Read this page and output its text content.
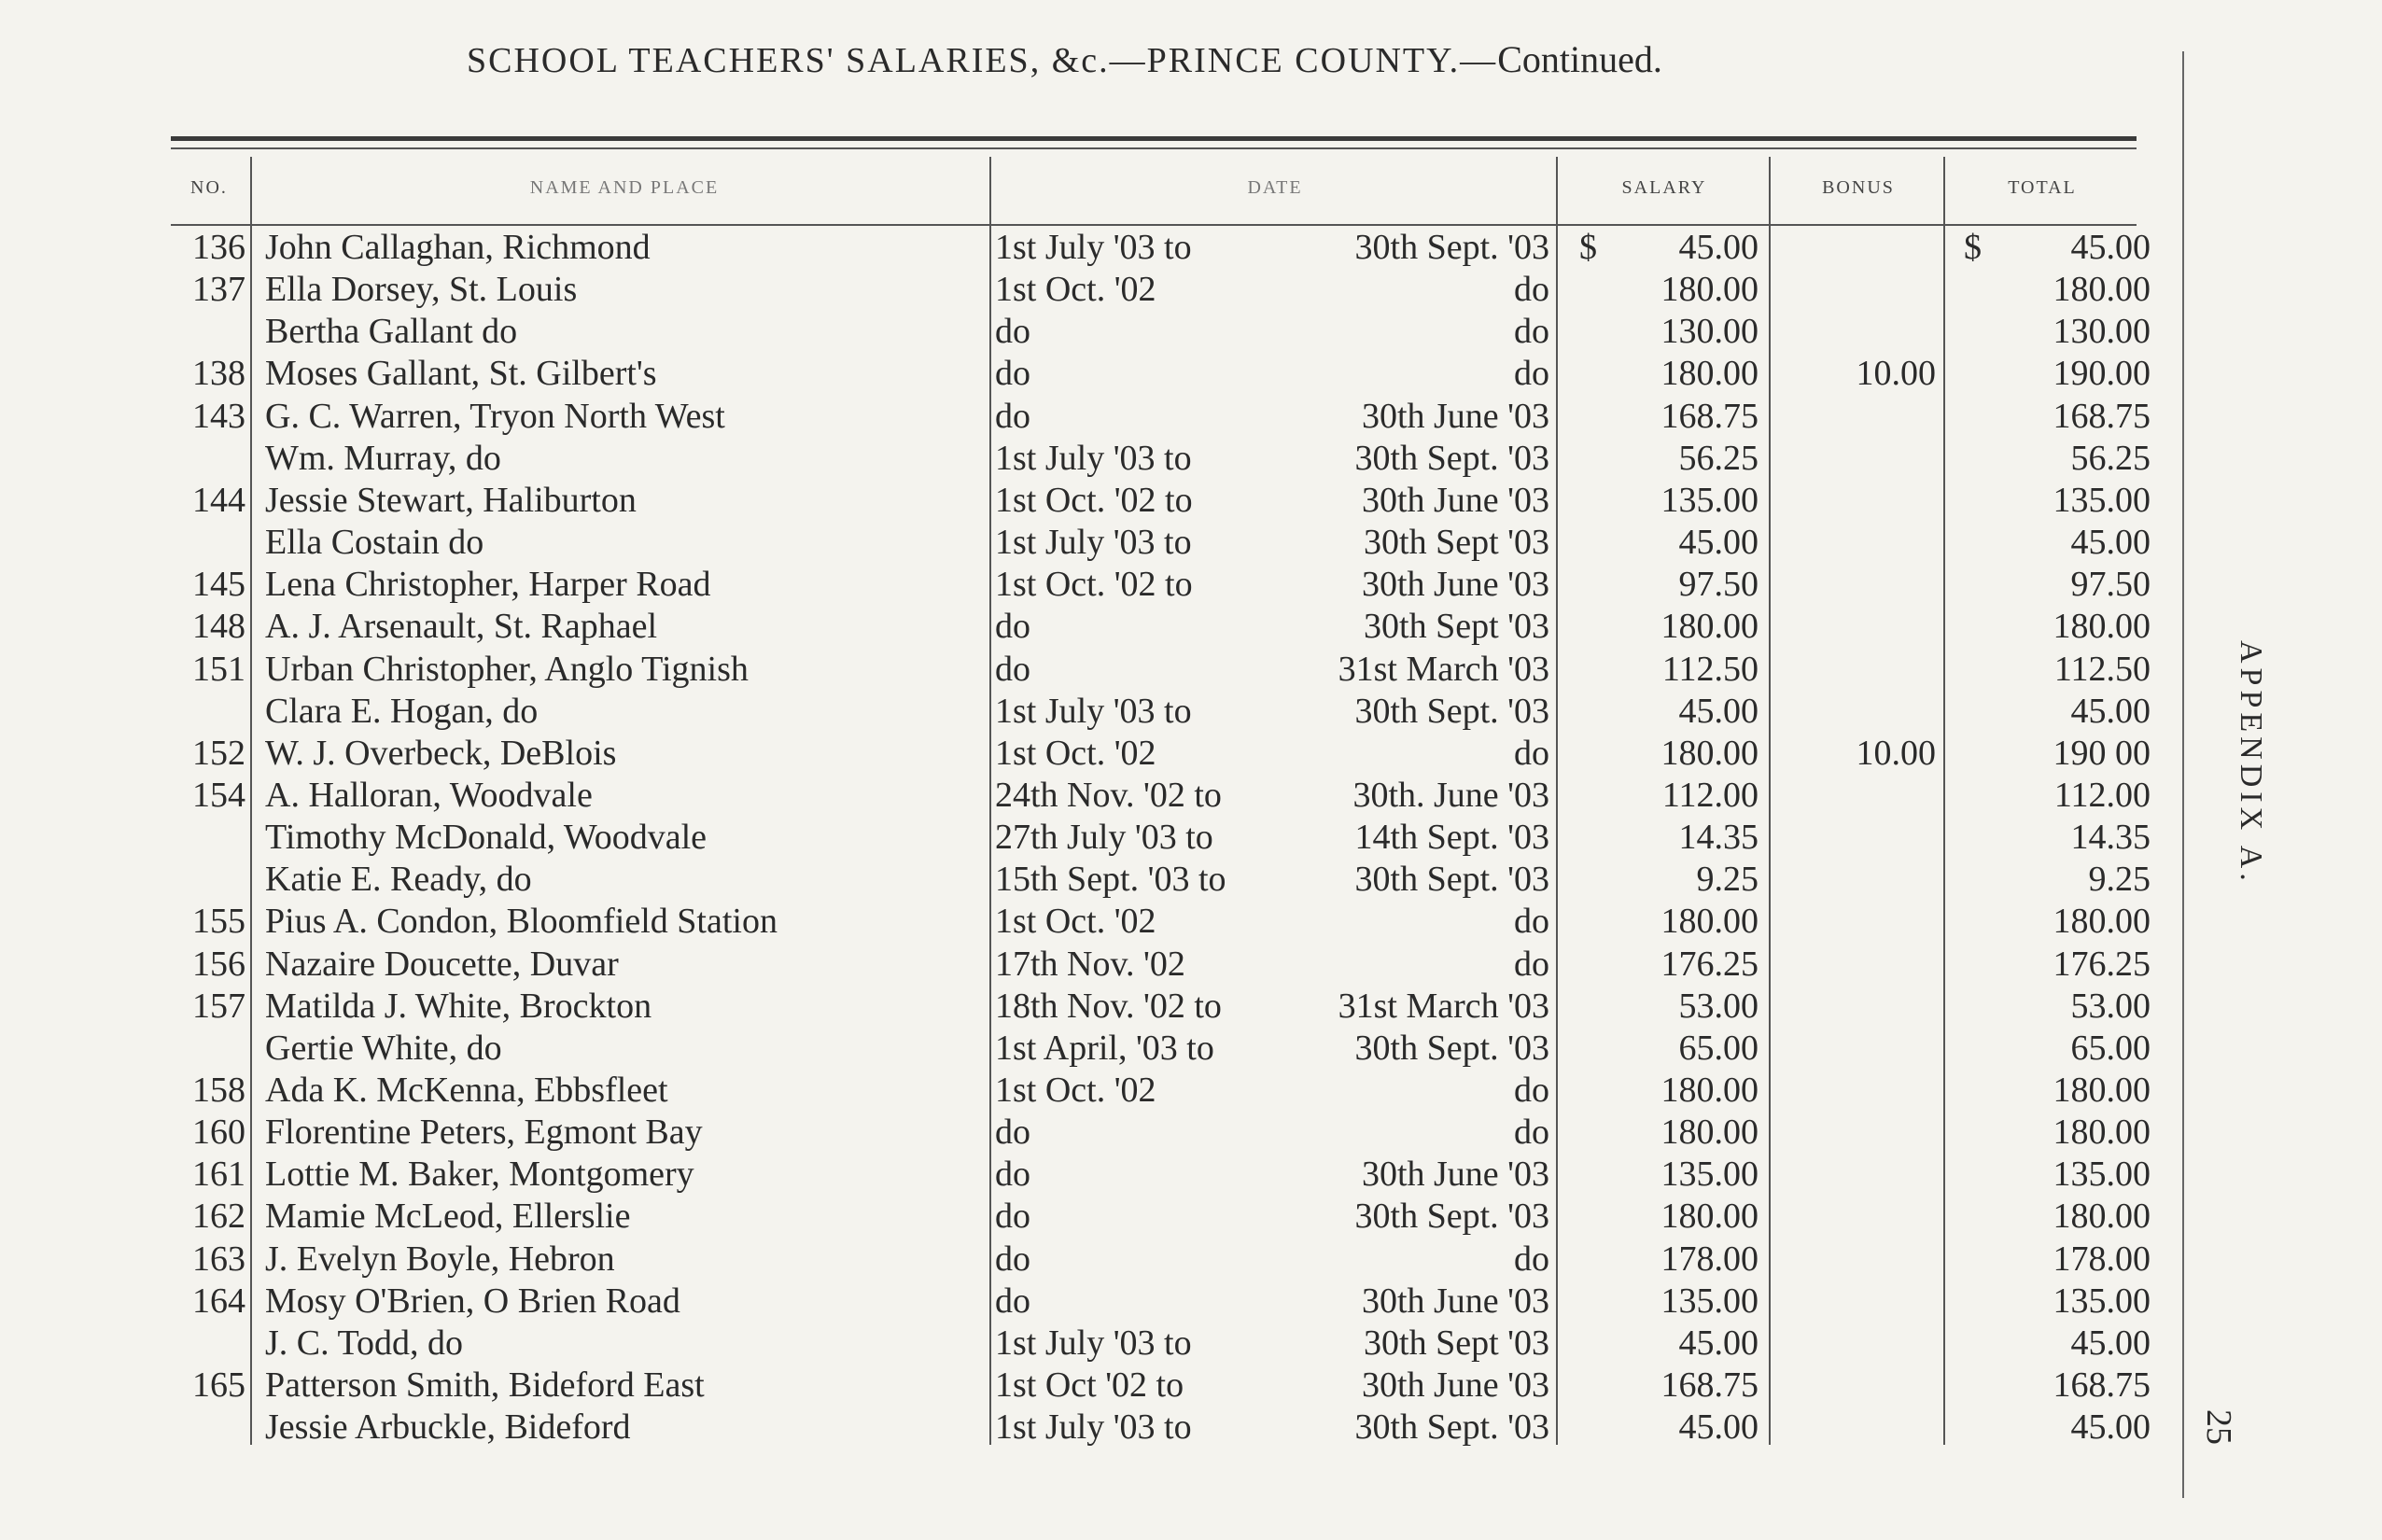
SCHOOL TEACHERS' SALARIES, &c.—PRINCE COUNTY.—Continued.
NO.	NAME AND PLACE	DATE	SALARY	BONUS	TOTAL
136 John Callaghan, Richmond	1st July '03 to	30th Sept. '03	45.00	45.00
$	$
137 Ella Dorsey, St. Louis	1st Oct. '02	do	180.00	180.00
Bertha Gallant do	do	do	130.00	130.00
138 Moses Gallant, St. Gilbert's	do	do	180.00	10.00	190.00
143 G. C. Warren, Tryon North West	do	30th June '03	168.75	168.75
Wm. Murray, do	1st July '03 to	30th Sept. '03	56.25	56.25
144 Jessie Stewart, Haliburton	1st Oct. '02 to	30th June '03	135.00	135.00
Ella Costain do	1st July '03 to	30th Sept '03	45.00	45.00
145 Lena Christopher, Harper Road	1st Oct. '02 to	30th June '03	97.50	97.50
148 A. J. Arsenault, St. Raphael	do	30th Sept '03	180.00	180.00
151 Urban Christopher, Anglo Tignish	do	31st March '03	112.50	112.50
Clara E. Hogan, do	1st July '03 to	30th Sept. '03	45.00	45.00
152 W. J. Overbeck, DeBlois	1st Oct. '02	do	180.00	10.00	190 00
154 A. Halloran, Woodvale	24th Nov. '02 to	30th. June '03	112.00	112.00
Timothy McDonald, Woodvale	27th July '03 to	14th Sept. '03	14.35	14.35
Katie E. Ready, do	15th Sept. '03 to	30th Sept. '03	9.25	9.25
155 Pius A. Condon, Bloomfield Station	1st Oct. '02	do	180.00	180.00
156 Nazaire Doucette, Duvar	17th Nov. '02	do	176.25	176.25
157 Matilda J. White, Brockton	18th Nov. '02 to	31st March '03	53.00	53.00
Gertie White, do	1st April, '03 to	30th Sept. '03	65.00	65.00
158 Ada K. McKenna, Ebbsfleet	1st Oct. '02	do	180.00	180.00
160 Florentine Peters, Egmont Bay	do	do	180.00	180.00
161 Lottie M. Baker, Montgomery	do	30th June '03	135.00	135.00
162 Mamie McLeod, Ellerslie	do	30th Sept. '03	180.00	180.00
163 J. Evelyn Boyle, Hebron	do	do	178.00	178.00
164 Mosy O'Brien, O Brien Road	do	30th June '03	135.00	135.00
J. C. Todd, do	1st July '03 to	30th Sept '03	45.00	45.00
165 Patterson Smith, Bideford East	1st Oct '02 to	30th June '03	168.75	168.75
Jessie Arbuckle, Bideford	1st July '03 to	30th Sept. '03	45.00	45.00
APPENDIX A.
25
